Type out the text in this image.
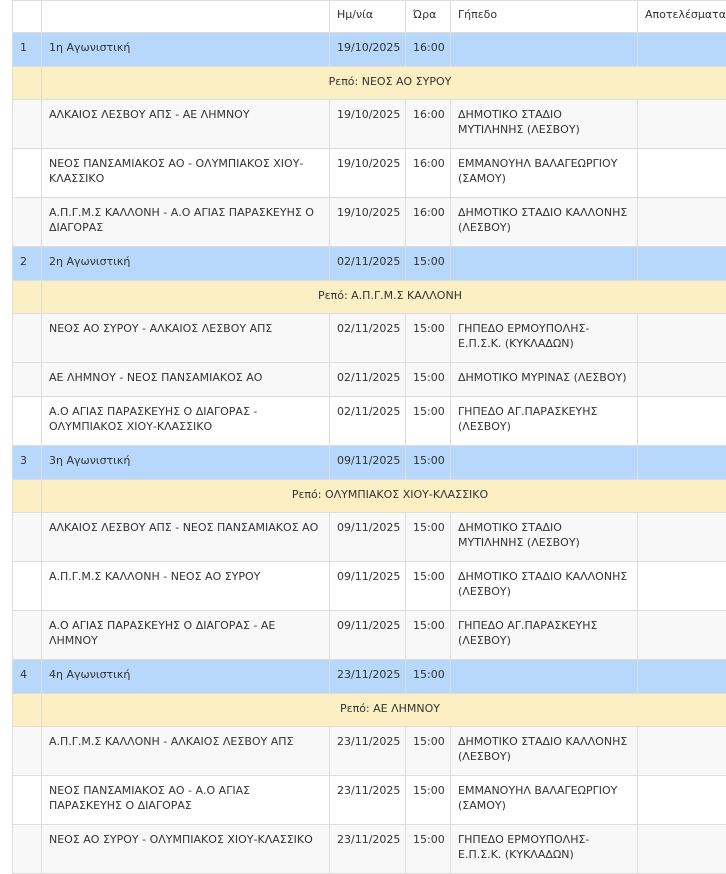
		Ημ/νία	Ώρα	Γήπεδο	Αποτελέσματα
1	1η Αγωνιστική	19/10/2025	16:00		
	Ρεπό: ΝΕΟΣ ΑΟ ΣΥΡΟΥ				
	ΑΛΚΑΙΟΣ ΛΕΣΒΟΥ ΑΠΣ - ΑΕ ΛΗΜΝΟΥ	19/10/2025	16:00	ΔΗΜΟΤΙΚΟ ΣΤΑΔΙΟ ΜΥΤΙΛΗΝΗΣ (ΛΕΣΒΟΥ)	
	ΝΕΟΣ ΠΑΝΣΑΜΙΑΚΟΣ ΑΟ - ΟΛΥΜΠΙΑΚΟΣ ΧΙΟΥ-ΚΛΑΣΣΙΚΟ	19/10/2025	16:00	ΕΜΜΑΝΟΥΗΛ ΒΑΛΑΓΕΩΡΓΙΟΥ (ΣΑΜΟΥ)	
	Α.Π.Γ.Μ.Σ ΚΑΛΛΟΝΗ - Α.Ο ΑΓΙΑΣ ΠΑΡΑΣΚΕΥΗΣ Ο ΔΙΑΓΟΡΑΣ	19/10/2025	16:00	ΔΗΜΟΤΙΚΟ ΣΤΑΔΙΟ ΚΑΛΛΟΝΗΣ (ΛΕΣΒΟΥ)	
2	2η Αγωνιστική	02/11/2025	15:00		
	Ρεπό: Α.Π.Γ.Μ.Σ ΚΑΛΛΟΝΗ				
	ΝΕΟΣ ΑΟ ΣΥΡΟΥ - ΑΛΚΑΙΟΣ ΛΕΣΒΟΥ ΑΠΣ	02/11/2025	15:00	ΓΗΠΕΔΟ ΕΡΜΟΥΠΟΛΗΣ- Ε.Π.Σ.Κ. (ΚΥΚΛΑΔΩΝ)	
	ΑΕ ΛΗΜΝΟΥ - ΝΕΟΣ ΠΑΝΣΑΜΙΑΚΟΣ ΑΟ	02/11/2025	15:00	ΔΗΜΟΤΙΚΟ ΜΥΡΙΝΑΣ (ΛΕΣΒΟΥ)	
	Α.Ο ΑΓΙΑΣ ΠΑΡΑΣΚΕΥΗΣ Ο ΔΙΑΓΟΡΑΣ - ΟΛΥΜΠΙΑΚΟΣ ΧΙΟΥ-ΚΛΑΣΣΙΚΟ	02/11/2025	15:00	ΓΗΠΕΔΟ ΑΓ.ΠΑΡΑΣΚΕΥΗΣ (ΛΕΣΒΟΥ)	
3	3η Αγωνιστική	09/11/2025	15:00		
	Ρεπό: ΟΛΥΜΠΙΑΚΟΣ ΧΙΟΥ-ΚΛΑΣΣΙΚΟ				
	ΑΛΚΑΙΟΣ ΛΕΣΒΟΥ ΑΠΣ - ΝΕΟΣ ΠΑΝΣΑΜΙΑΚΟΣ ΑΟ	09/11/2025	15:00	ΔΗΜΟΤΙΚΟ ΣΤΑΔΙΟ ΜΥΤΙΛΗΝΗΣ (ΛΕΣΒΟΥ)	
	Α.Π.Γ.Μ.Σ ΚΑΛΛΟΝΗ - ΝΕΟΣ ΑΟ ΣΥΡΟΥ	09/11/2025	15:00	ΔΗΜΟΤΙΚΟ ΣΤΑΔΙΟ ΚΑΛΛΟΝΗΣ (ΛΕΣΒΟΥ)	
	Α.Ο ΑΓΙΑΣ ΠΑΡΑΣΚΕΥΗΣ Ο ΔΙΑΓΟΡΑΣ - ΑΕ ΛΗΜΝΟΥ	09/11/2025	15:00	ΓΗΠΕΔΟ ΑΓ.ΠΑΡΑΣΚΕΥΗΣ (ΛΕΣΒΟΥ)	
4	4η Αγωνιστική	23/11/2025	15:00		
	Ρεπό: ΑΕ ΛΗΜΝΟΥ				
	Α.Π.Γ.Μ.Σ ΚΑΛΛΟΝΗ - ΑΛΚΑΙΟΣ ΛΕΣΒΟΥ ΑΠΣ	23/11/2025	15:00	ΔΗΜΟΤΙΚΟ ΣΤΑΔΙΟ ΚΑΛΛΟΝΗΣ (ΛΕΣΒΟΥ)	
	ΝΕΟΣ ΠΑΝΣΑΜΙΑΚΟΣ ΑΟ - Α.Ο ΑΓΙΑΣ ΠΑΡΑΣΚΕΥΗΣ Ο ΔΙΑΓΟΡΑΣ	23/11/2025	15:00	ΕΜΜΑΝΟΥΗΛ ΒΑΛΑΓΕΩΡΓΙΟΥ (ΣΑΜΟΥ)	
	ΝΕΟΣ ΑΟ ΣΥΡΟΥ - ΟΛΥΜΠΙΑΚΟΣ ΧΙΟΥ-ΚΛΑΣΣΙΚΟ	23/11/2025	15:00	ΓΗΠΕΔΟ ΕΡΜΟΥΠΟΛΗΣ- Ε.Π.Σ.Κ. (ΚΥΚΛΑΔΩΝ)	
